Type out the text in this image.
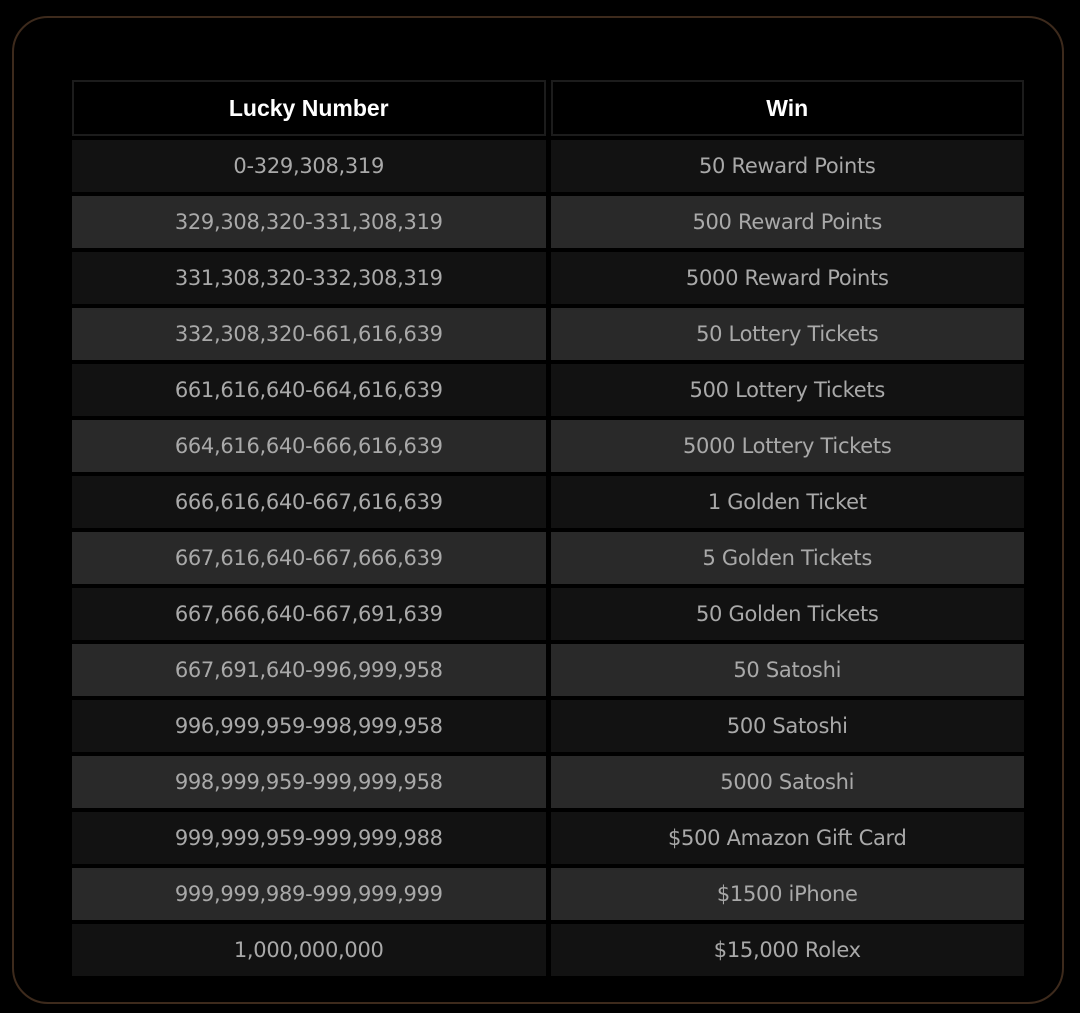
Lucky Number	Win
0-329,308,319	50 Reward Points
329,308,320-331,308,319	500 Reward Points
331,308,320-332,308,319	5000 Reward Points
332,308,320-661,616,639	50 Lottery Tickets
661,616,640-664,616,639	500 Lottery Tickets
664,616,640-666,616,639	5000 Lottery Tickets
666,616,640-667,616,639	1 Golden Ticket
667,616,640-667,666,639	5 Golden Tickets
667,666,640-667,691,639	50 Golden Tickets
667,691,640-996,999,958	50 Satoshi
996,999,959-998,999,958	500 Satoshi
998,999,959-999,999,958	5000 Satoshi
999,999,959-999,999,988	$500 Amazon Gift Card
999,999,989-999,999,999	$1500 iPhone
1,000,000,000	$15,000 Rolex
